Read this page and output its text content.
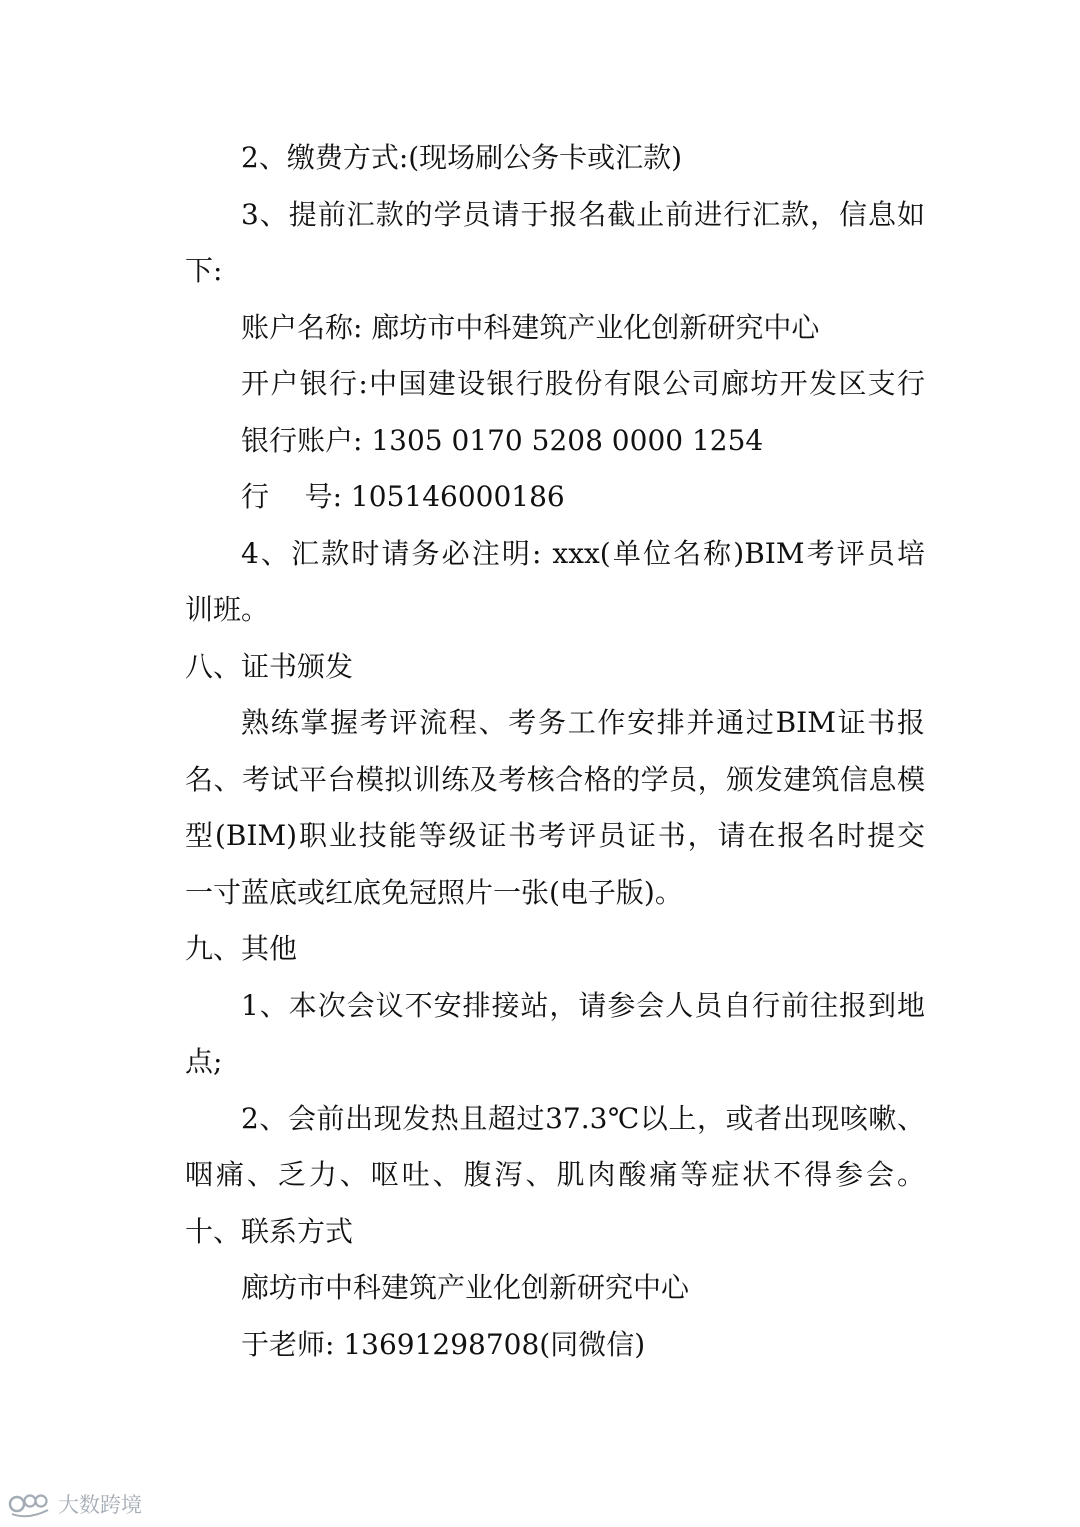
2、缴费方式:(现场刷公务卡或汇款)
3、提前汇款的学员请于报名截止前进行汇款，信息如
下:
账户名称: 廊坊市中科建筑产业化创新研究中心
开户银行:中国建设银行股份有限公司廊坊开发区支行
银行账户: 1305 0170 5208 0000 1254
行    号: 105146000186
4、汇款时请务必注明: xxx(单位名称)BIM考评员培
训班。
八、证书颁发
熟练掌握考评流程、考务工作安排并通过BIM证书报
名、考试平台模拟训练及考核合格的学员，颁发建筑信息模
型(BIM)职业技能等级证书考评员证书，请在报名时提交
一寸蓝底或红底免冠照片一张(电子版)。
九、其他
1、本次会议不安排接站，请参会人员自行前往报到地
点;
2、会前出现发热且超过37.3℃以上，或者出现咳嗽、
咽痛、乏力、呕吐、腹泻、肌肉酸痛等症状不得参会。
十、联系方式
廊坊市中科建筑产业化创新研究中心
于老师: 13691298708(同微信)
大数跨境
